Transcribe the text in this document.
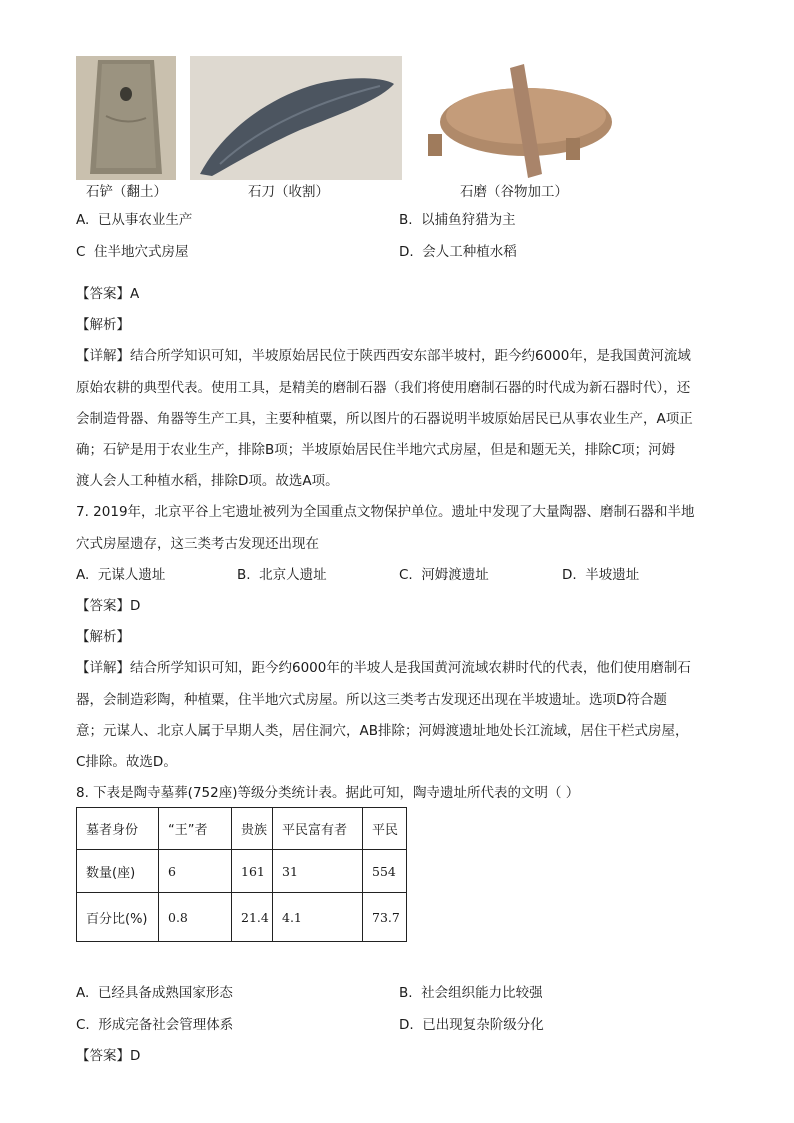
石铲（翻土）	石刀（收割）	石磨（谷物加工）
A. 已从事农业生产	B. 以捕鱼狩猎为主
C 住半地穴式房屋	D. 会人工种植水稻
【答案】A
【解析】
【详解】结合所学知识可知，半坡原始居民位于陕西西安东部半坡村，距今约6000年，是我国黄河流域
原始农耕的典型代表。使用工具，是精美的磨制石器（我们将使用磨制石器的时代成为新石器时代），还
会制造骨器、角器等生产工具，主要种植粟，所以图片的石器说明半坡原始居民已从事农业生产，A项正
确；石铲是用于农业生产，排除B项；半坡原始居民住半地穴式房屋，但是和题无关，排除C项；河姆
渡人会人工种植水稻，排除D项。故选A项。
7. 2019年，北京平谷上宅遗址被列为全国重点文物保护单位。遗址中发现了大量陶器、磨制石器和半地
穴式房屋遗存，这三类考古发现还出现在
A. 元谋人遗址	B. 北京人遗址	C. 河姆渡遗址	D. 半坡遗址
【答案】D
【解析】
【详解】结合所学知识可知，距今约6000年的半坡人是我国黄河流域农耕时代的代表，他们使用磨制石
器，会制造彩陶，种植粟，住半地穴式房屋。所以这三类考古发现还出现在半坡遗址。选项D符合题
意；元谋人、北京人属于早期人类，居住洞穴，AB排除；河姆渡遗址地处长江流域，居住干栏式房屋，
C排除。故选D。
8. 下表是陶寺墓葬(752座)等级分类统计表。据此可知，陶寺遗址所代表的文明（ ）
墓者身份	“王”者	贵族	平民富有者	平民
数量(座)	6	161	31	554
百分比(%)	0.8	21.4	4.1	73.7
A. 已经具备成熟国家形态	B. 社会组织能力比较强
C. 形成完备社会管理体系	D. 已出现复杂阶级分化
【答案】D
